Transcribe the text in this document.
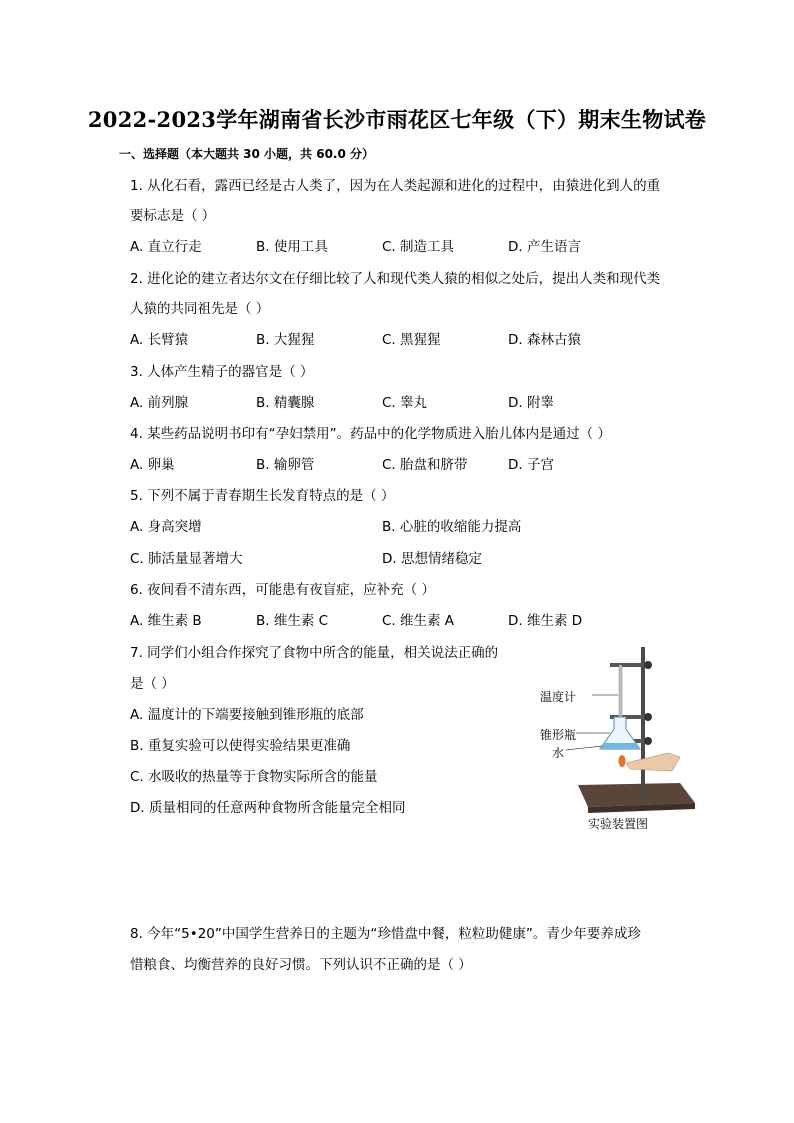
2022-2023学年湖南省长沙市雨花区七年级（下）期末生物试卷
一、选择题（本大题共 30 小题，共 60.0 分）
1. 从化石看，露西已经是古人类了，因为在人类起源和进化的过程中，由猿进化到人的重
要标志是（ ）
A. 直立行走	B. 使用工具	C. 制造工具	D. 产生语言
2. 进化论的建立者达尔文在仔细比较了人和现代类人猿的相似之处后，提出人类和现代类
人猿的共同祖先是（ ）
A. 长臂猿	B. 大猩猩	C. 黑猩猩	D. 森林古猿
3. 人体产生精子的器官是（ ）
A. 前列腺	B. 精囊腺	C. 睾丸	D. 附睾
4. 某些药品说明书印有“孕妇禁用”。药品中的化学物质进入胎儿体内是通过（ ）
A. 卵巢	B. 输卵管	C. 胎盘和脐带	D. 子宫
5. 下列不属于青春期生长发育特点的是（ ）
A. 身高突增	B. 心脏的收缩能力提高
C. 肺活量显著增大	D. 思想情绪稳定
6. 夜间看不清东西，可能患有夜盲症，应补充（ ）
A. 维生素 B	B. 维生素 C	C. 维生素 A	D. 维生素 D
7. 同学们小组合作探究了食物中所含的能量，相关说法正确的
是（ ）
A. 温度计的下端要接触到锥形瓶的底部
B. 重复实验可以使得实验结果更准确
C. 水吸收的热量等于食物实际所含的能量
D. 质量相同的任意两种食物所含能量完全相同
温度计
锥形瓶
水
实验装置图
8. 今年“5•20”中国学生营养日的主题为“珍惜盘中餐，粒粒助健康”。青少年要养成珍
惜粮食、均衡营养的良好习惯。下列认识不正确的是（ ）
